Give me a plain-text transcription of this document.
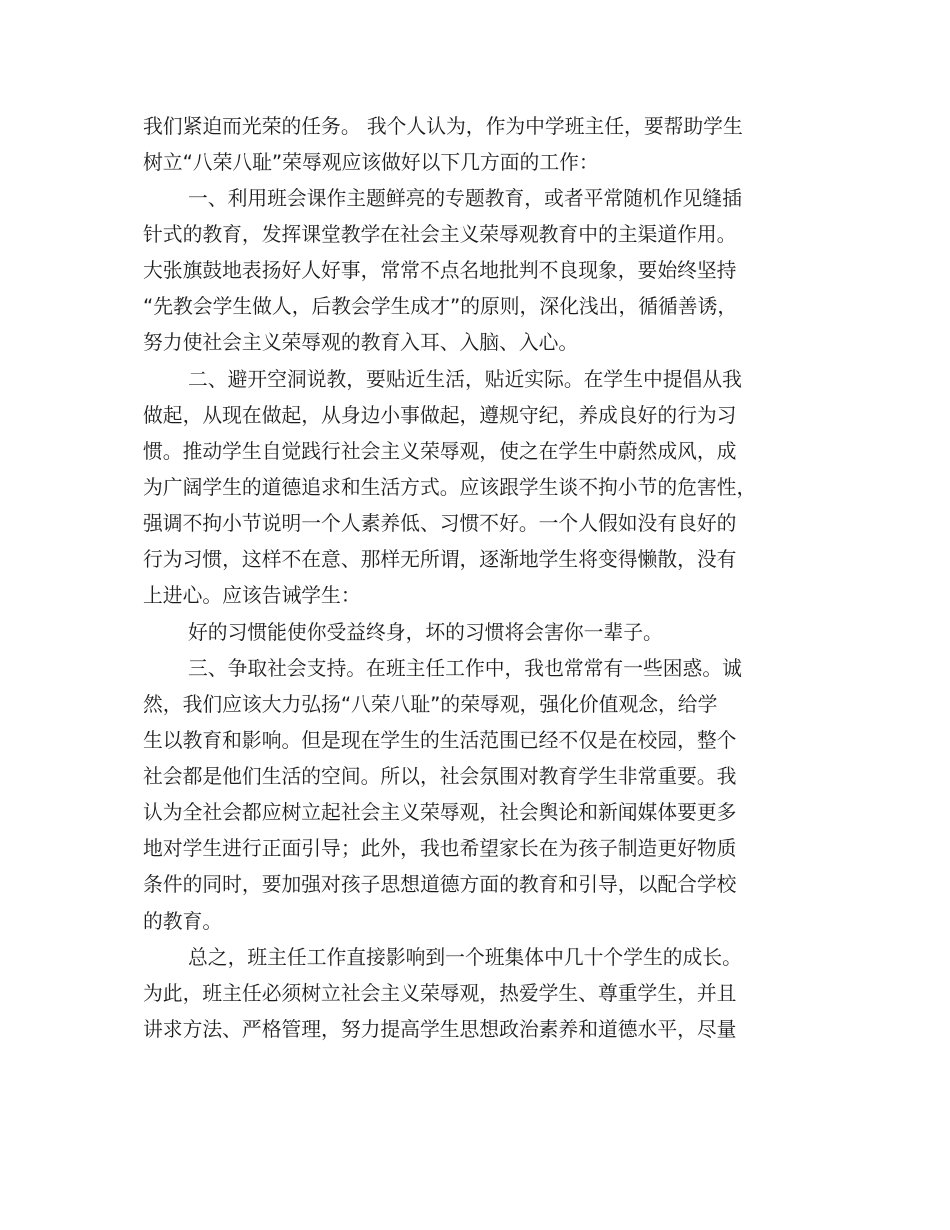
我们紧迫而光荣的任务。 我个人认为，作为中学班主任，要帮助学生

树立“八荣八耻”荣辱观应该做好以下几方面的工作：

一、利用班会课作主题鲜亮的专题教育，或者平常随机作见缝插

针式的教育，发挥课堂教学在社会主义荣辱观教育中的主渠道作用。

大张旗鼓地表扬好人好事，常常不点名地批判不良现象，要始终坚持

“先教会学生做人，后教会学生成才”的原则，深化浅出，循循善诱，

努力使社会主义荣辱观的教育入耳、入脑、入心。

二、避开空洞说教，要贴近生活，贴近实际。在学生中提倡从我

做起，从现在做起，从身边小事做起，遵规守纪，养成良好的行为习

惯。推动学生自觉践行社会主义荣辱观，使之在学生中蔚然成风，成

为广阔学生的道德追求和生活方式。应该跟学生谈不拘小节的危害性，

强调不拘小节说明一个人素养低、习惯不好。一个人假如没有良好的

行为习惯，这样不在意、那样无所谓，逐渐地学生将变得懒散，没有

上进心。应该告诫学生：

好的习惯能使你受益终身，坏的习惯将会害你一辈子。

三、争取社会支持。在班主任工作中，我也常常有一些困惑。诚

然，我们应该大力弘扬“八荣八耻”的荣辱观，强化价值观念，给学

生以教育和影响。但是现在学生的生活范围已经不仅是在校园，整个

社会都是他们生活的空间。所以，社会氛围对教育学生非常重要。我

认为全社会都应树立起社会主义荣辱观，社会舆论和新闻媒体要更多

地对学生进行正面引导；此外，我也希望家长在为孩子制造更好物质

条件的同时，要加强对孩子思想道德方面的教育和引导，以配合学校

的教育。

总之，班主任工作直接影响到一个班集体中几十个学生的成长。

为此，班主任必须树立社会主义荣辱观，热爱学生、尊重学生，并且

讲求方法、严格管理，努力提高学生思想政治素养和道德水平，尽量
